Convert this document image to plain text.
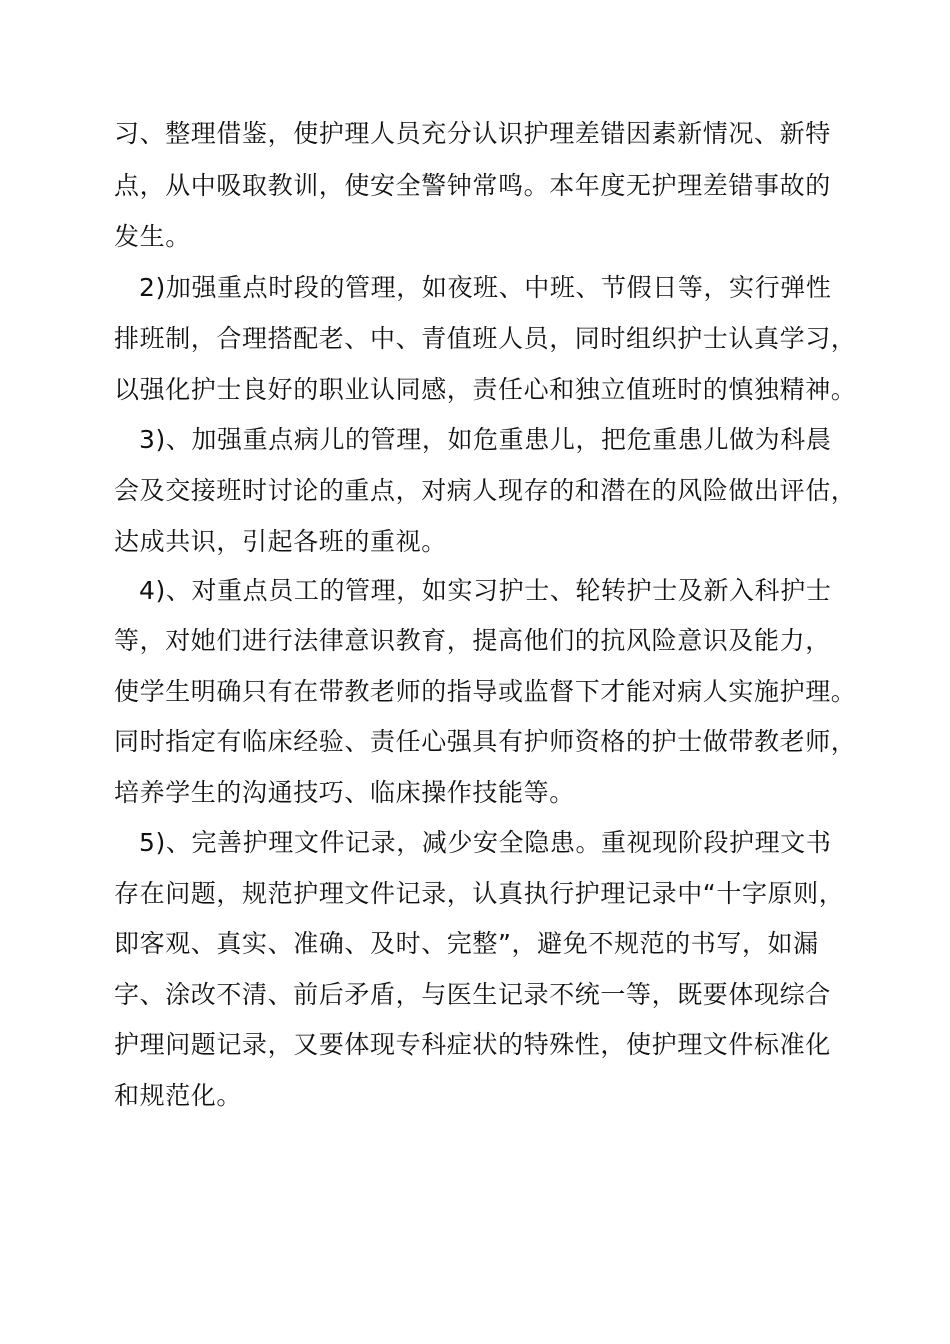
习、整理借鉴，使护理人员充分认识护理差错因素新情况、新特
点，从中吸取教训，使安全警钟常鸣。本年度无护理差错事故的
发生。
2)加强重点时段的管理，如夜班、中班、节假日等，实行弹性
排班制，合理搭配老、中、青值班人员，同时组织护士认真学习，
以强化护士良好的职业认同感，责任心和独立值班时的慎独精神。
3)、加强重点病儿的管理，如危重患儿，把危重患儿做为科晨
会及交接班时讨论的重点，对病人现存的和潜在的风险做出评估，
达成共识，引起各班的重视。
4)、对重点员工的管理，如实习护士、轮转护士及新入科护士
等，对她们进行法律意识教育，提高他们的抗风险意识及能力，
使学生明确只有在带教老师的指导或监督下才能对病人实施护理。
同时指定有临床经验、责任心强具有护师资格的护士做带教老师，
培养学生的沟通技巧、临床操作技能等。
5)、完善护理文件记录，减少安全隐患。重视现阶段护理文书
存在问题，规范护理文件记录，认真执行护理记录中“十字原则，
即客观、真实、准确、及时、完整”，避免不规范的书写，如漏
字、涂改不清、前后矛盾，与医生记录不统一等，既要体现综合
护理问题记录，又要体现专科症状的特殊性，使护理文件标准化
和规范化。
